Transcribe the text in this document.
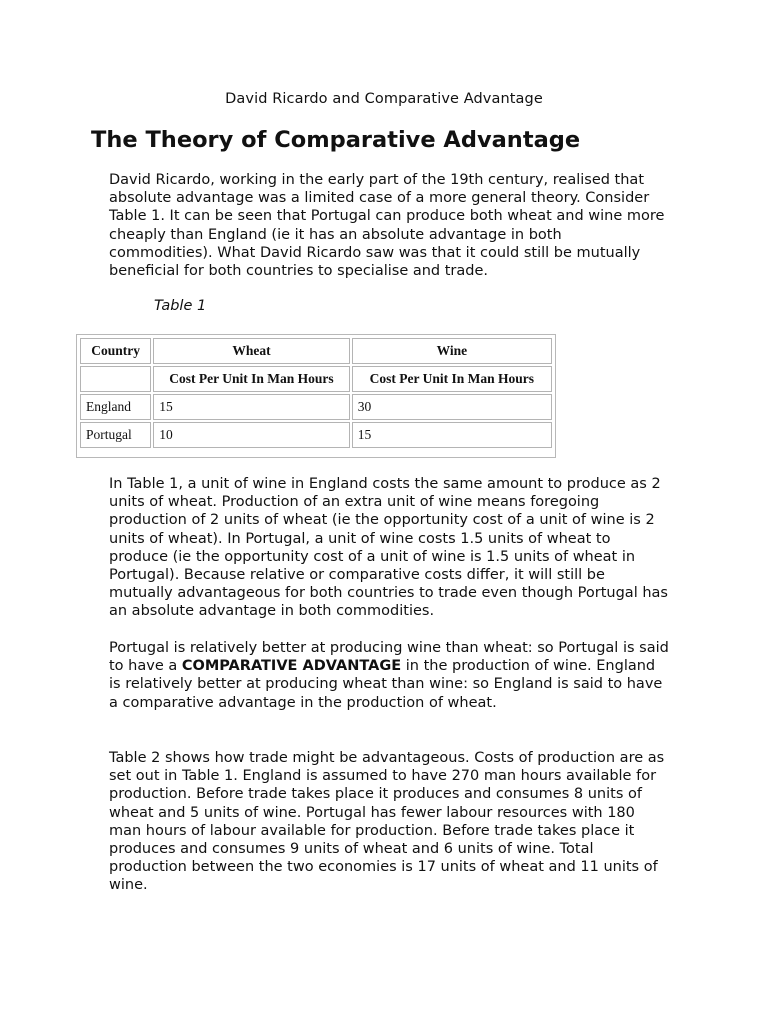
David Ricardo and Comparative Advantage
The Theory of Comparative Advantage

David Ricardo, working in the early part of the 19th century, realised that absolute advantage was a limited case of a more general theory. Consider Table 1. It can be seen that Portugal can produce both wheat and wine more cheaply than England (ie it has an absolute advantage in both commodities). What David Ricardo saw was that it could still be mutually beneficial for both countries to specialise and trade.

Table 1
Country	Wheat	Wine
	Cost Per Unit In Man Hours	Cost Per Unit In Man Hours
England	15	30
Portugal	10	15

In Table 1, a unit of wine in England costs the same amount to produce as 2 units of wheat. Production of an extra unit of wine means foregoing production of 2 units of wheat (ie the opportunity cost of a unit of wine is 2 units of wheat). In Portugal, a unit of wine costs 1.5 units of wheat to produce (ie the opportunity cost of a unit of wine is 1.5 units of wheat in Portugal). Because relative or comparative costs differ, it will still be mutually advantageous for both countries to trade even though Portugal has an absolute advantage in both commodities.

Portugal is relatively better at producing wine than wheat: so Portugal is said to have a COMPARATIVE ADVANTAGE in the production of wine. England is relatively better at producing wheat than wine: so England is said to have a comparative advantage in the production of wheat.

Table 2 shows how trade might be advantageous. Costs of production are as set out in Table 1. England is assumed to have 270 man hours available for production. Before trade takes place it produces and consumes 8 units of wheat and 5 units of wine. Portugal has fewer labour resources with 180 man hours of labour available for production. Before trade takes place it produces and consumes 9 units of wheat and 6 units of wine. Total production between the two economies is 17 units of wheat and 11 units of wine.
